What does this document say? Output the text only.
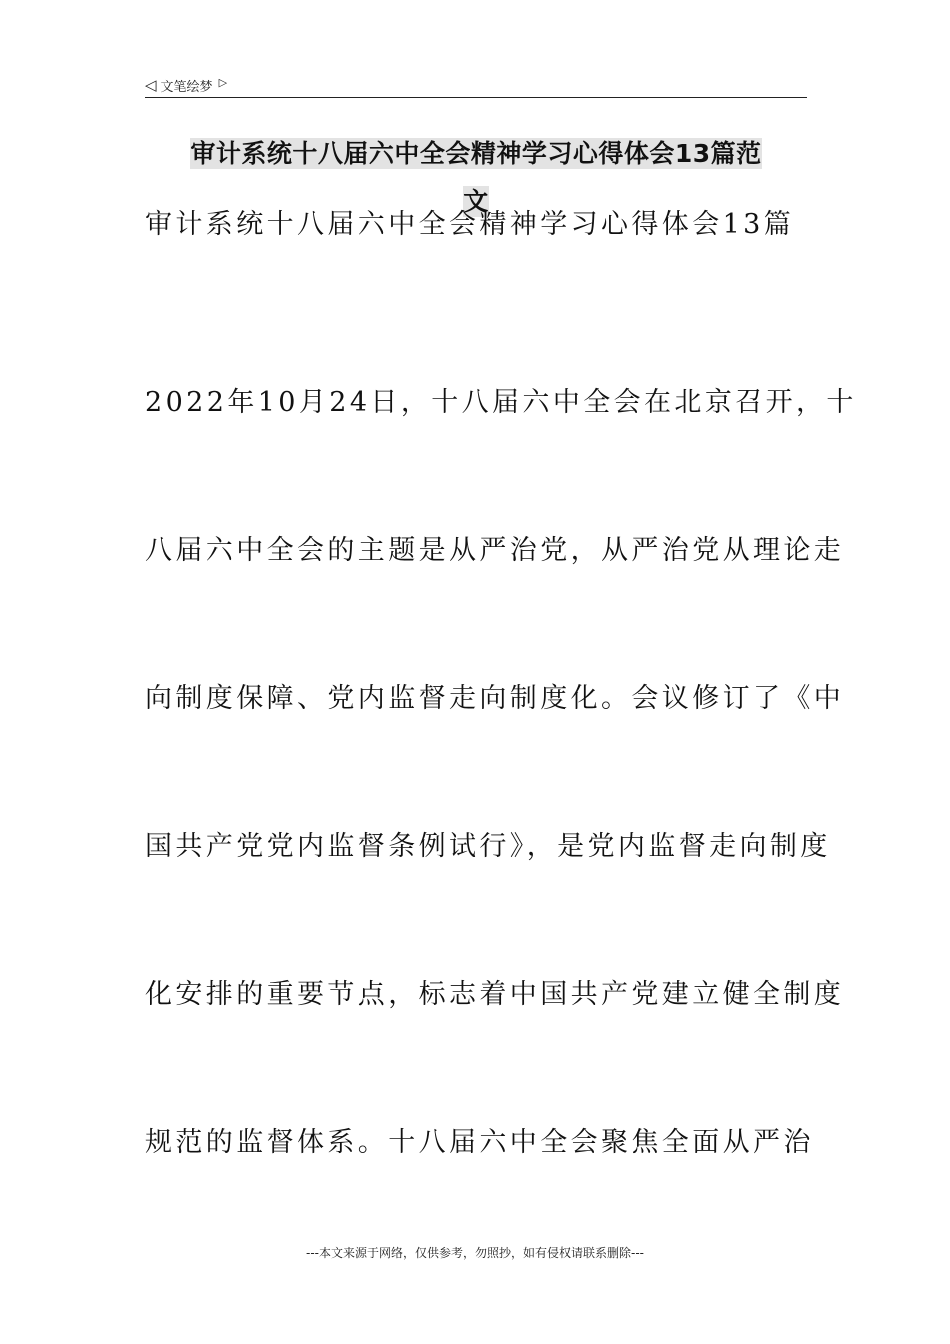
◁ 文笔绘梦 ▷
审计系统十八届六中全会精神学习心得体会13篇范
文
审计系统十八届六中全会精神学习心得体会13篇
2022年10月24日，十八届六中全会在北京召开，十
八届六中全会的主题是从严治党，从严治党从理论走
向制度保障、党内监督走向制度化。会议修订了《中
国共产党党内监督条例试行》，是党内监督走向制度
化安排的重要节点，标志着中国共产党建立健全制度
规范的监督体系。十八届六中全会聚焦全面从严治
---本文来源于网络，仅供参考，勿照抄，如有侵权请联系删除---
